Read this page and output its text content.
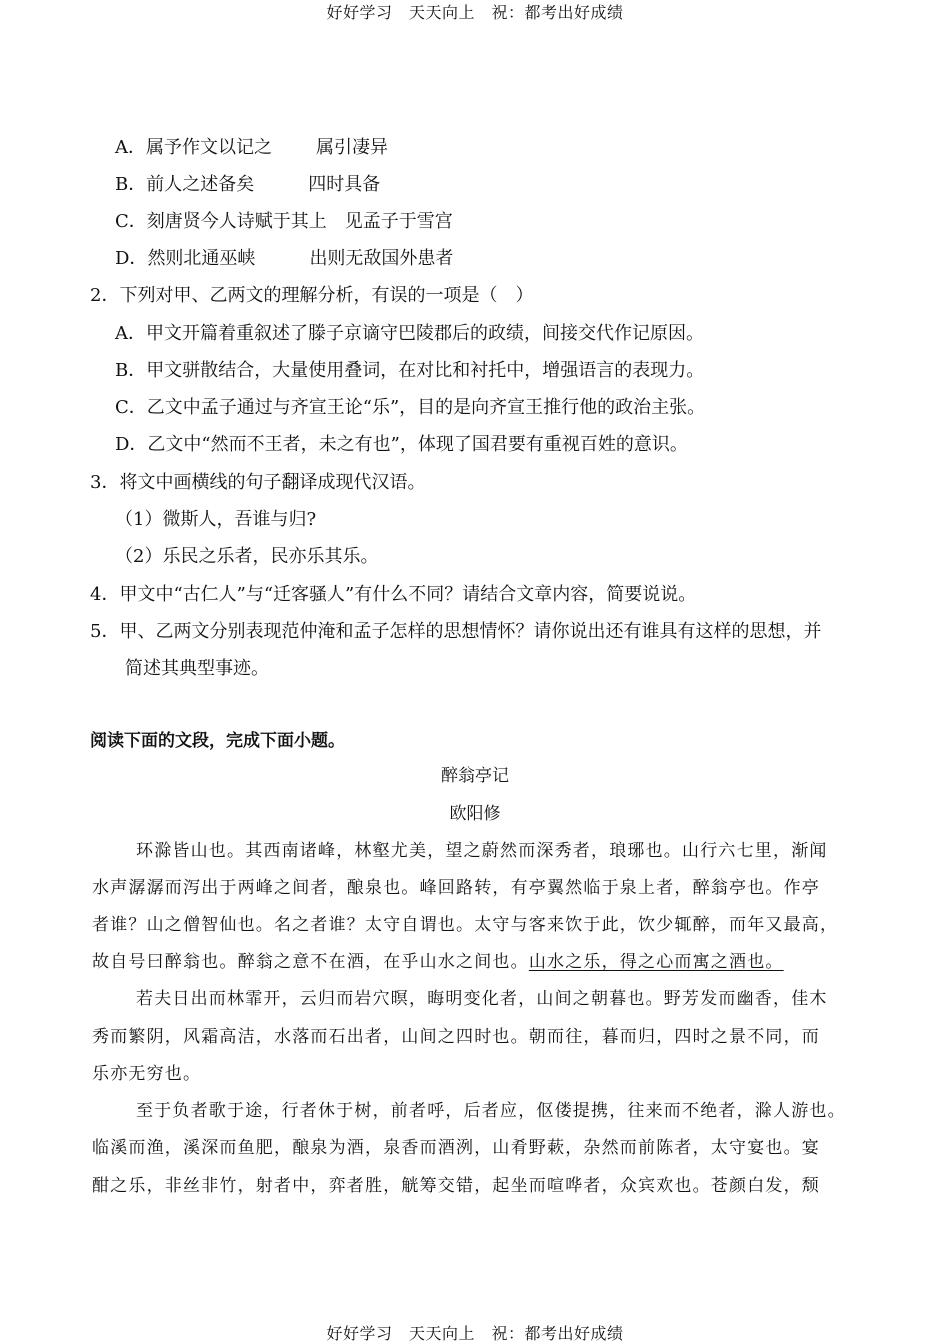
好好学习　天天向上　祝：都考出好成绩
A．属予作文以记之 属引凄异
B．前人之述备矣	四时具备
C．刻唐贤今人诗赋于其上 见孟子于雪宫
D．然则北通巫峡	出则无敌国外患者
2．下列对甲、乙两文的理解分析，有误的一项是（　）
A．甲文开篇着重叙述了滕子京谪守巴陵郡后的政绩，间接交代作记原因。
B．甲文骈散结合，大量使用叠词，在对比和衬托中，增强语言的表现力。
C．乙文中孟子通过与齐宣王论“乐”，目的是向齐宣王推行他的政治主张。
D．乙文中“然而不王者，未之有也”，体现了国君要有重视百姓的意识。
3．将文中画横线的句子翻译成现代汉语。
（1）微斯人，吾谁与归?
（2）乐民之乐者，民亦乐其乐。
4．甲文中“古仁人”与“迁客骚人”有什么不同？请结合文章内容，简要说说。
5．甲、乙两文分别表现范仲淹和孟子怎样的思想情怀？请你说出还有谁具有这样的思想，并
简述其典型事迹。
阅读下面的文段，完成下面小题。
醉翁亭记
欧阳修
环滁皆山也。其西南诸峰，林壑尤美，望之蔚然而深秀者，琅琊也。山行六七里，渐闻
水声潺潺而泻出于两峰之间者，酿泉也。峰回路转，有亭翼然临于泉上者，醉翁亭也。作亭
者谁？山之僧智仙也。名之者谁？太守自谓也。太守与客来饮于此，饮少辄醉，而年又最高，
故自号曰醉翁也。醉翁之意不在酒，在乎山水之间也。山水之乐，得之心而寓之酒也。
若夫日出而林霏开，云归而岩穴暝，晦明变化者，山间之朝暮也。野芳发而幽香，佳木
秀而繁阴，风霜高洁，水落而石出者，山间之四时也。朝而往，暮而归，四时之景不同，而
乐亦无穷也。
至于负者歌于途，行者休于树，前者呼，后者应，伛偻提携，往来而不绝者，滁人游也。
临溪而渔，溪深而鱼肥，酿泉为酒，泉香而酒洌，山肴野蔌，杂然而前陈者，太守宴也。宴
酣之乐，非丝非竹，射者中，弈者胜，觥筹交错，起坐而喧哗者，众宾欢也。苍颜白发，颓
好好学习　天天向上　祝：都考出好成绩
